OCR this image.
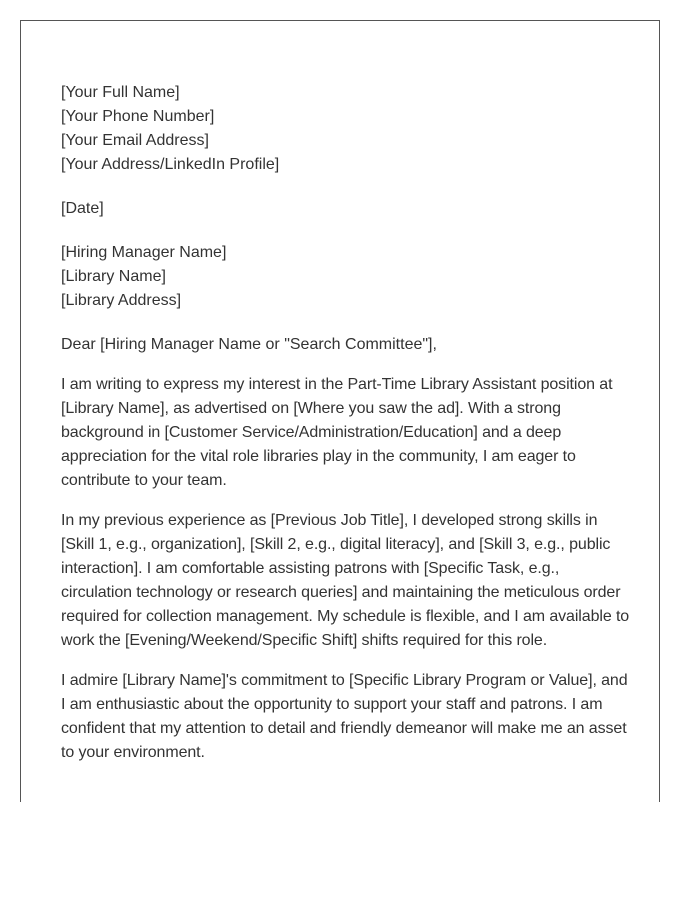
[Your Full Name]
[Your Phone Number]
[Your Email Address]
[Your Address/LinkedIn Profile]
[Date]
[Hiring Manager Name]
[Library Name]
[Library Address]
Dear [Hiring Manager Name or "Search Committee"],

I am writing to express my interest in the Part-Time Library Assistant position at [Library Name], as advertised on [Where you saw the ad]. With a strong background in [Customer Service/Administration/Education] and a deep appreciation for the vital role libraries play in the community, I am eager to contribute to your team.

In my previous experience as [Previous Job Title], I developed strong skills in [Skill 1, e.g., organization], [Skill 2, e.g., digital literacy], and [Skill 3, e.g., public interaction]. I am comfortable assisting patrons with [Specific Task, e.g., circulation technology or research queries] and maintaining the meticulous order required for collection management. My schedule is flexible, and I am available to work the [Evening/Weekend/Specific Shift] shifts required for this role.

I admire [Library Name]'s commitment to [Specific Library Program or Value], and I am enthusiastic about the opportunity to support your staff and patrons. I am confident that my attention to detail and friendly demeanor will make me an asset to your environment.
